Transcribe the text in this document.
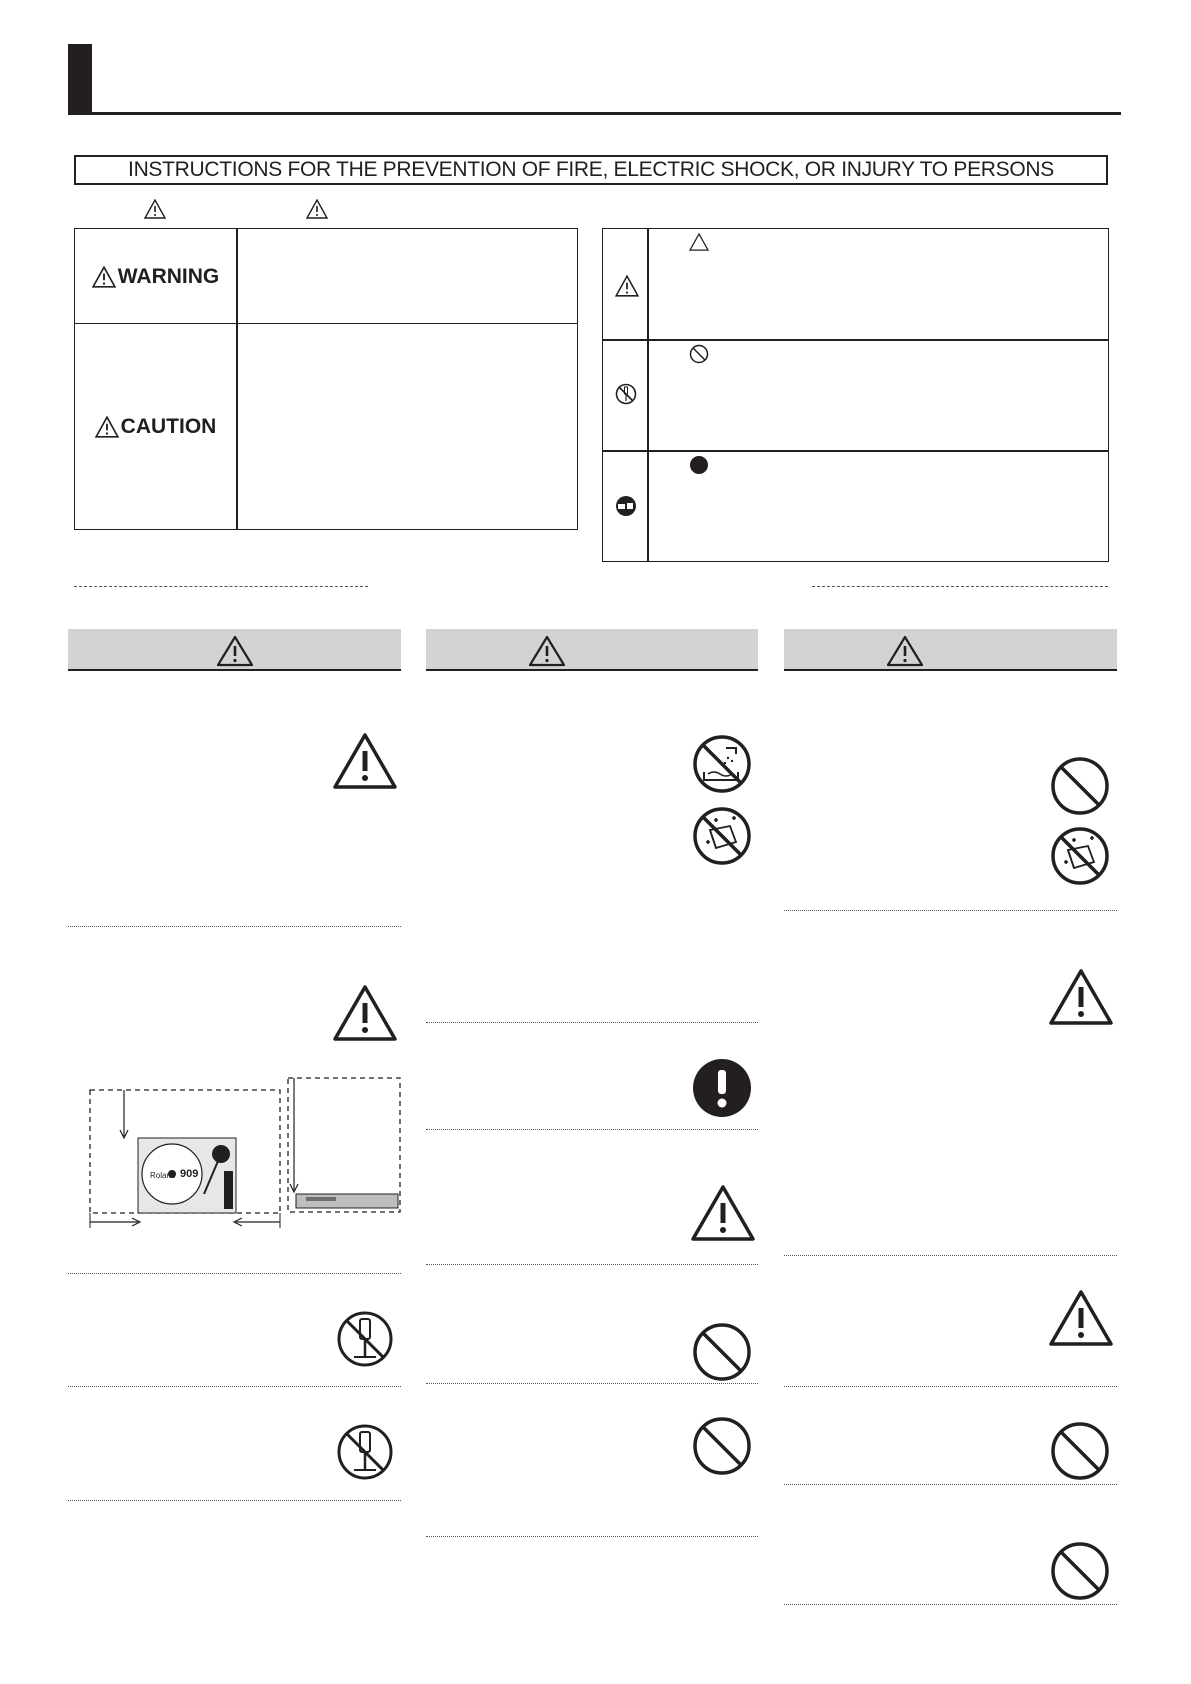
INSTRUCTIONS FOR THE PREVENTION OF FIRE, ELECTRIC SHOCK, OR INJURY TO PERSONS
WARNING
CAUTION
Roland 909
